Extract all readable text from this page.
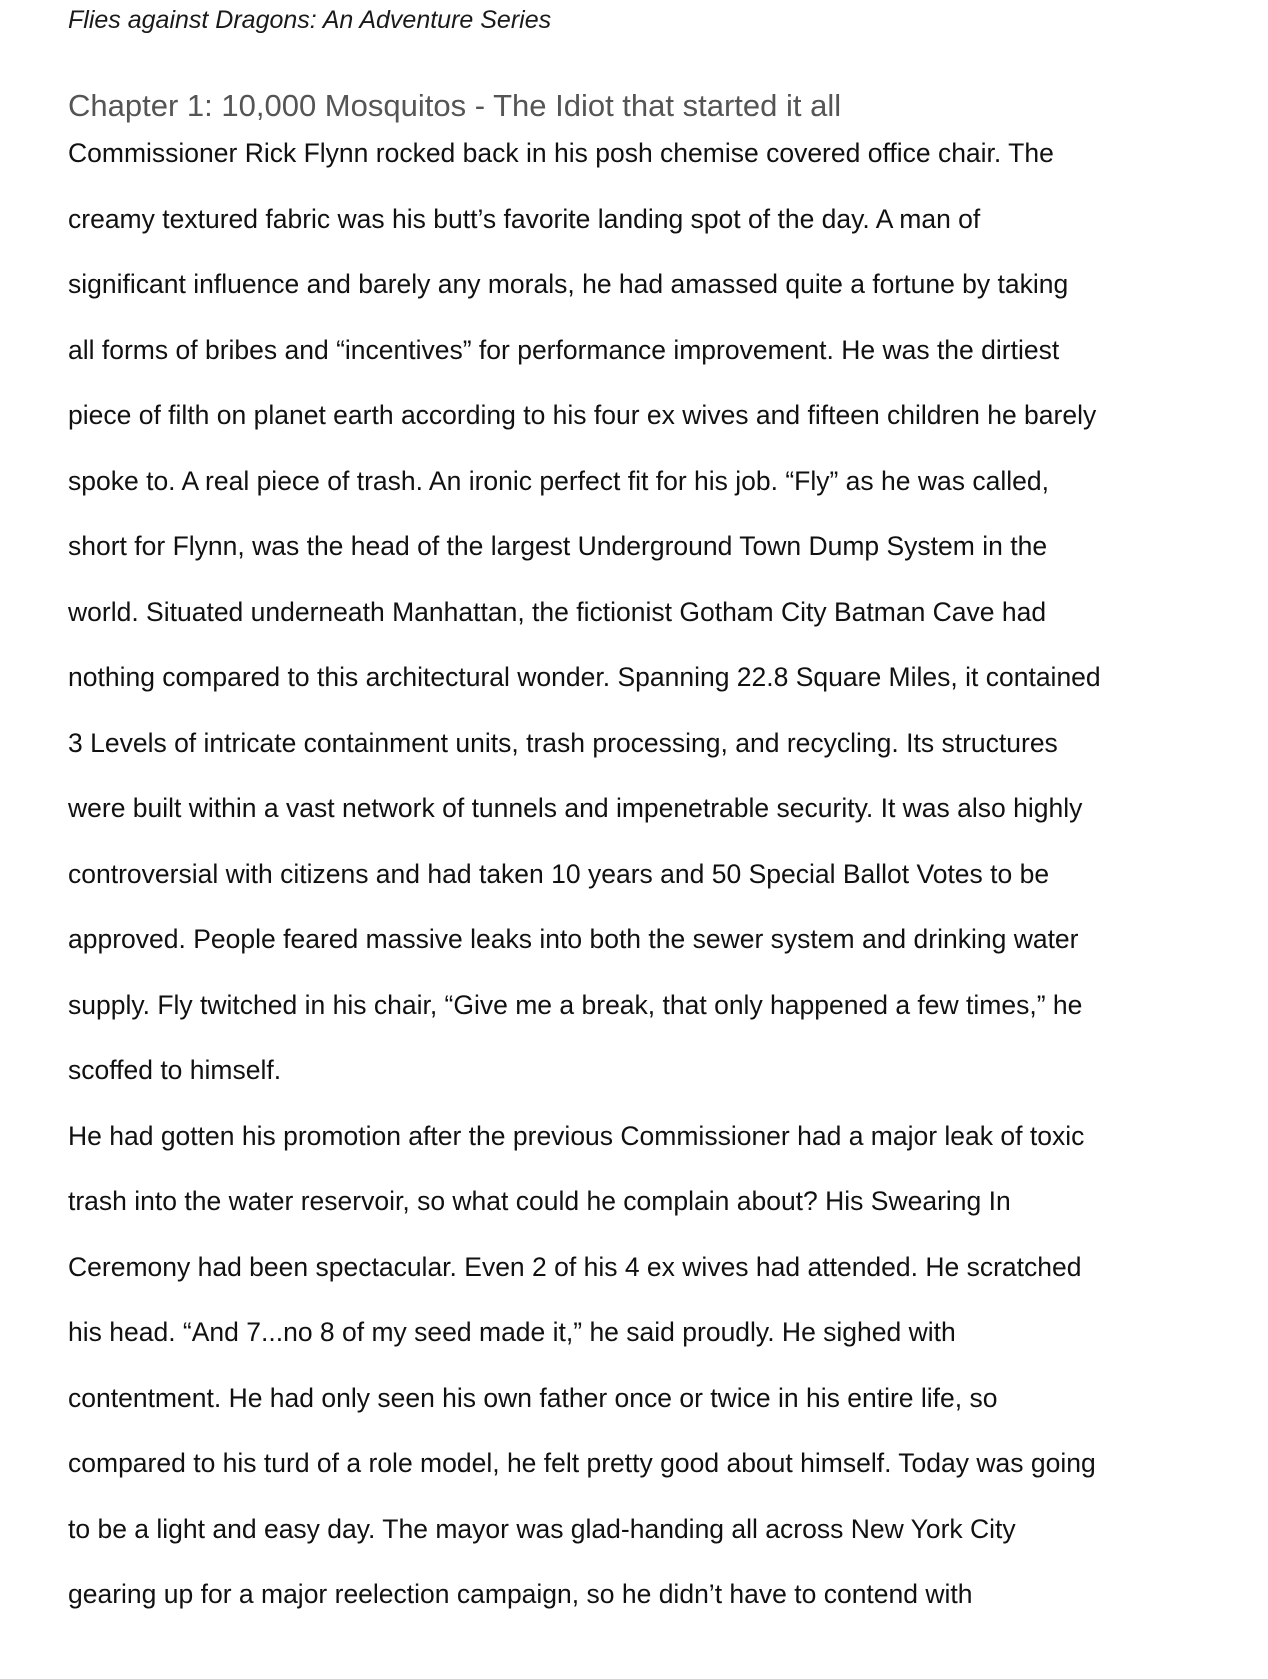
Flies against Dragons: An Adventure Series
Chapter 1: 10,000 Mosquitos - The Idiot that started it all
Commissioner Rick Flynn rocked back in his posh chemise covered office chair. The
creamy textured fabric was his butt’s favorite landing spot of the day. A man of
significant influence and barely any morals, he had amassed quite a fortune by taking
all forms of bribes and “incentives” for performance improvement. He was the dirtiest
piece of filth on planet earth according to his four ex wives and fifteen children he barely
spoke to. A real piece of trash. An ironic perfect fit for his job. “Fly” as he was called,
short for Flynn, was the head of the largest Underground Town Dump System in the
world. Situated underneath Manhattan, the fictionist Gotham City Batman Cave had
nothing compared to this architectural wonder. Spanning 22.8 Square Miles, it contained
3 Levels of intricate containment units, trash processing, and recycling. Its structures
were built within a vast network of tunnels and impenetrable security. It was also highly
controversial with citizens and had taken 10 years and 50 Special Ballot Votes to be
approved. People feared massive leaks into both the sewer system and drinking water
supply. Fly twitched in his chair, “Give me a break, that only happened a few times,” he
scoffed to himself.
He had gotten his promotion after the previous Commissioner had a major leak of toxic
trash into the water reservoir, so what could he complain about? His Swearing In
Ceremony had been spectacular. Even 2 of his 4 ex wives had attended. He scratched
his head. “And 7...no 8 of my seed made it,” he said proudly. He sighed with
contentment. He had only seen his own father once or twice in his entire life, so
compared to his turd of a role model, he felt pretty good about himself. Today was going
to be a light and easy day. The mayor was glad-handing all across New York City
gearing up for a major reelection campaign, so he didn’t have to contend with
